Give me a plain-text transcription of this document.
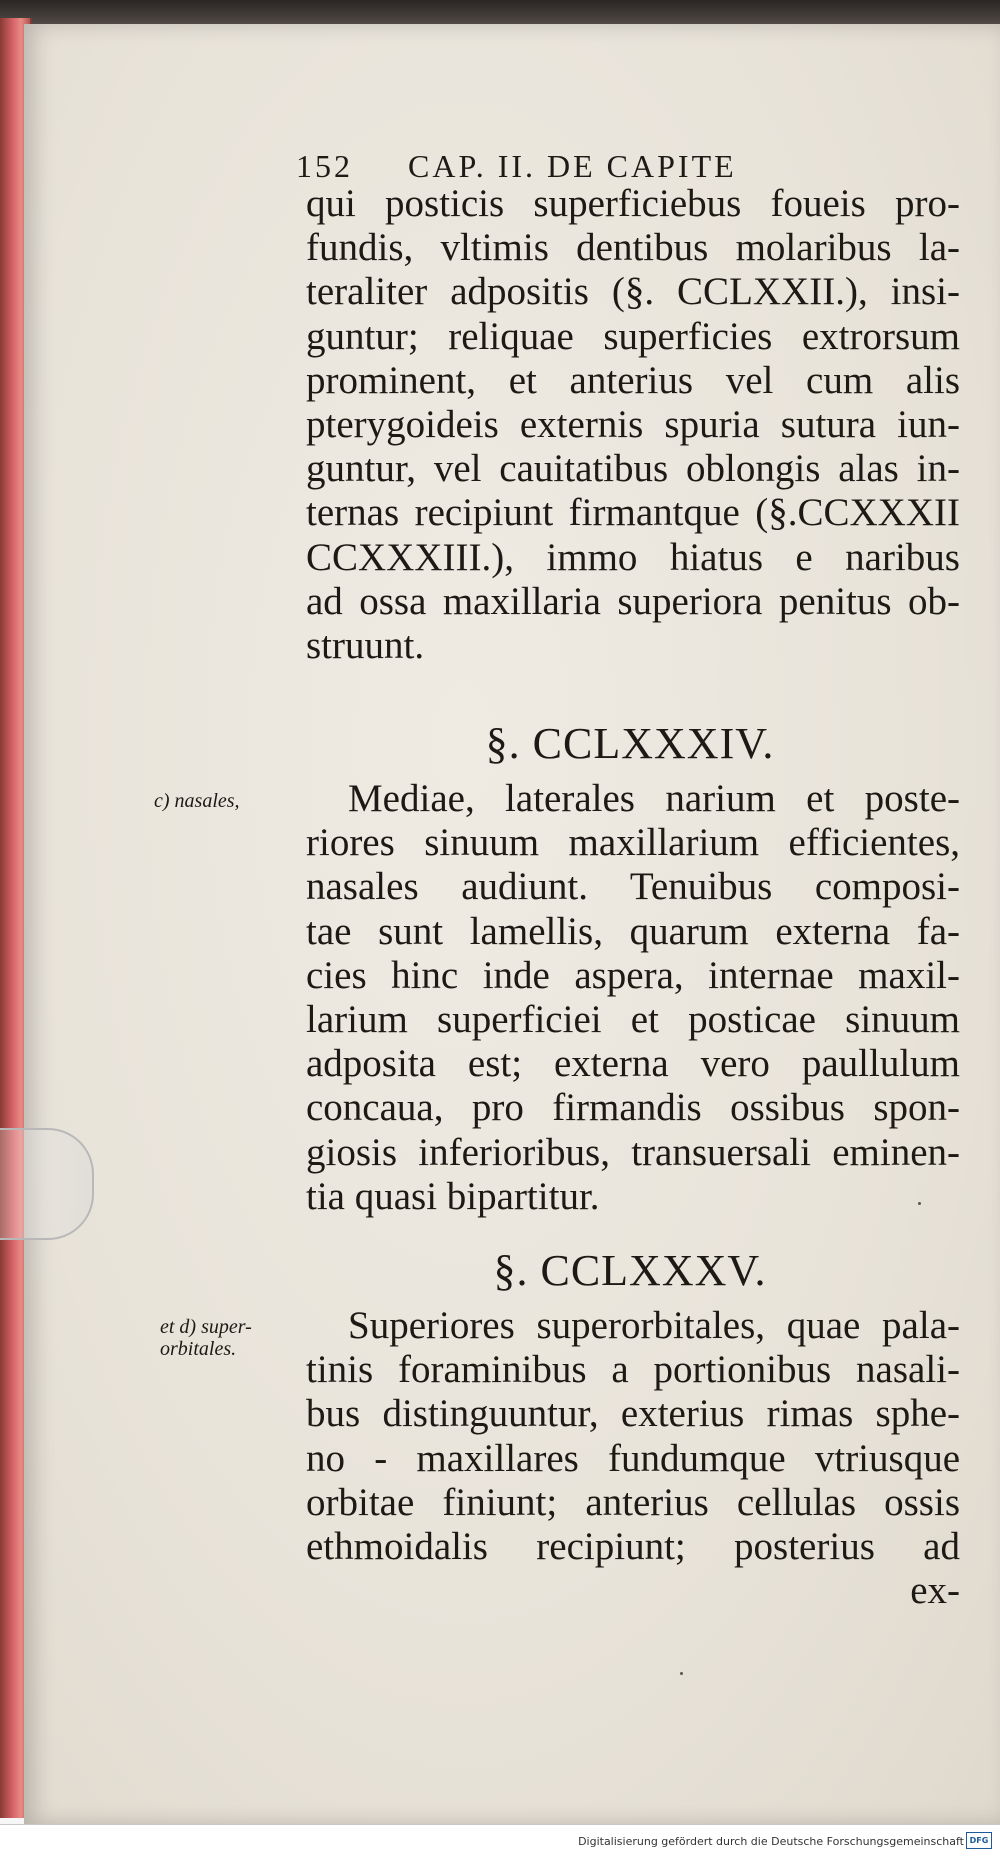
152 CAP. II. DE CAPITE
qui posticis superficiebus foueis pro-
fundis, vltimis dentibus molaribus la-
teraliter adpositis (§. CCLXXII.), insi-
guntur; reliquae superficies extrorsum
prominent, et anterius vel cum alis
pterygoideis externis spuria sutura iun-
guntur, vel cauitatibus oblongis alas in-
ternas recipiunt firmantque (§.CCXXXII
CCXXXIII.), immo hiatus e naribus
ad ossa maxillaria superiora penitus ob-
struunt.
§. CCLXXXIV.
c) nasales,	Mediae, laterales narium et poste-
riores sinuum maxillarium efficientes,
nasales audiunt. Tenuibus composi-
tae sunt lamellis, quarum externa fa-
cies hinc inde aspera, internae maxil-
larium superficiei et posticae sinuum
adposita est; externa vero paullulum
concaua, pro firmandis ossibus spon-
giosis inferioribus, transuersali eminen-
tia quasi bipartitur.
§. CCLXXXV.
et d) super-
orbitales.
Superiores superorbitales, quae pala-
tinis foraminibus a portionibus nasali-
bus distinguuntur, exterius rimas sphe-
no - maxillares fundumque vtriusque
orbitae finiunt; anterius cellulas ossis
ethmoidalis recipiunt; posterius ad
ex-
Digitalisierung gefördert durch die Deutsche Forschungsgemeinschaft DFG
